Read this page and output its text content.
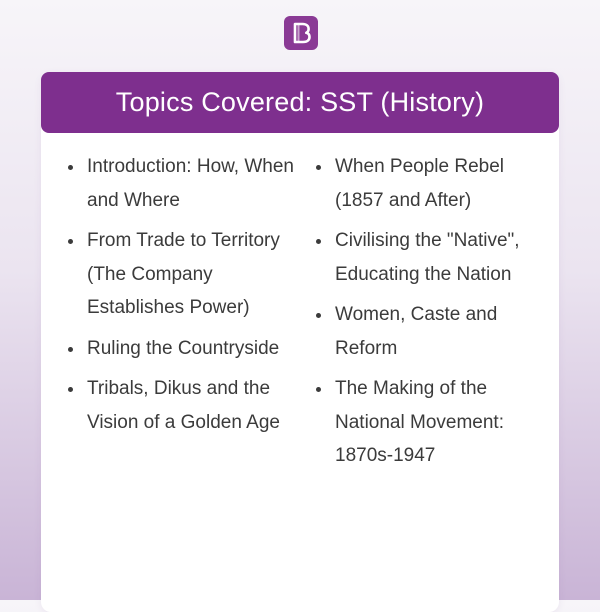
Topics Covered: SST (History)
Introduction: How, When and Where
From Trade to Territory (The Company Establishes Power)
Ruling the Countryside
Tribals, Dikus and the Vision of a Golden Age
When People Rebel (1857 and After)
Civilising the "Native", Educating the Nation
Women, Caste and Reform
The Making of the National Movement: 1870s-1947
